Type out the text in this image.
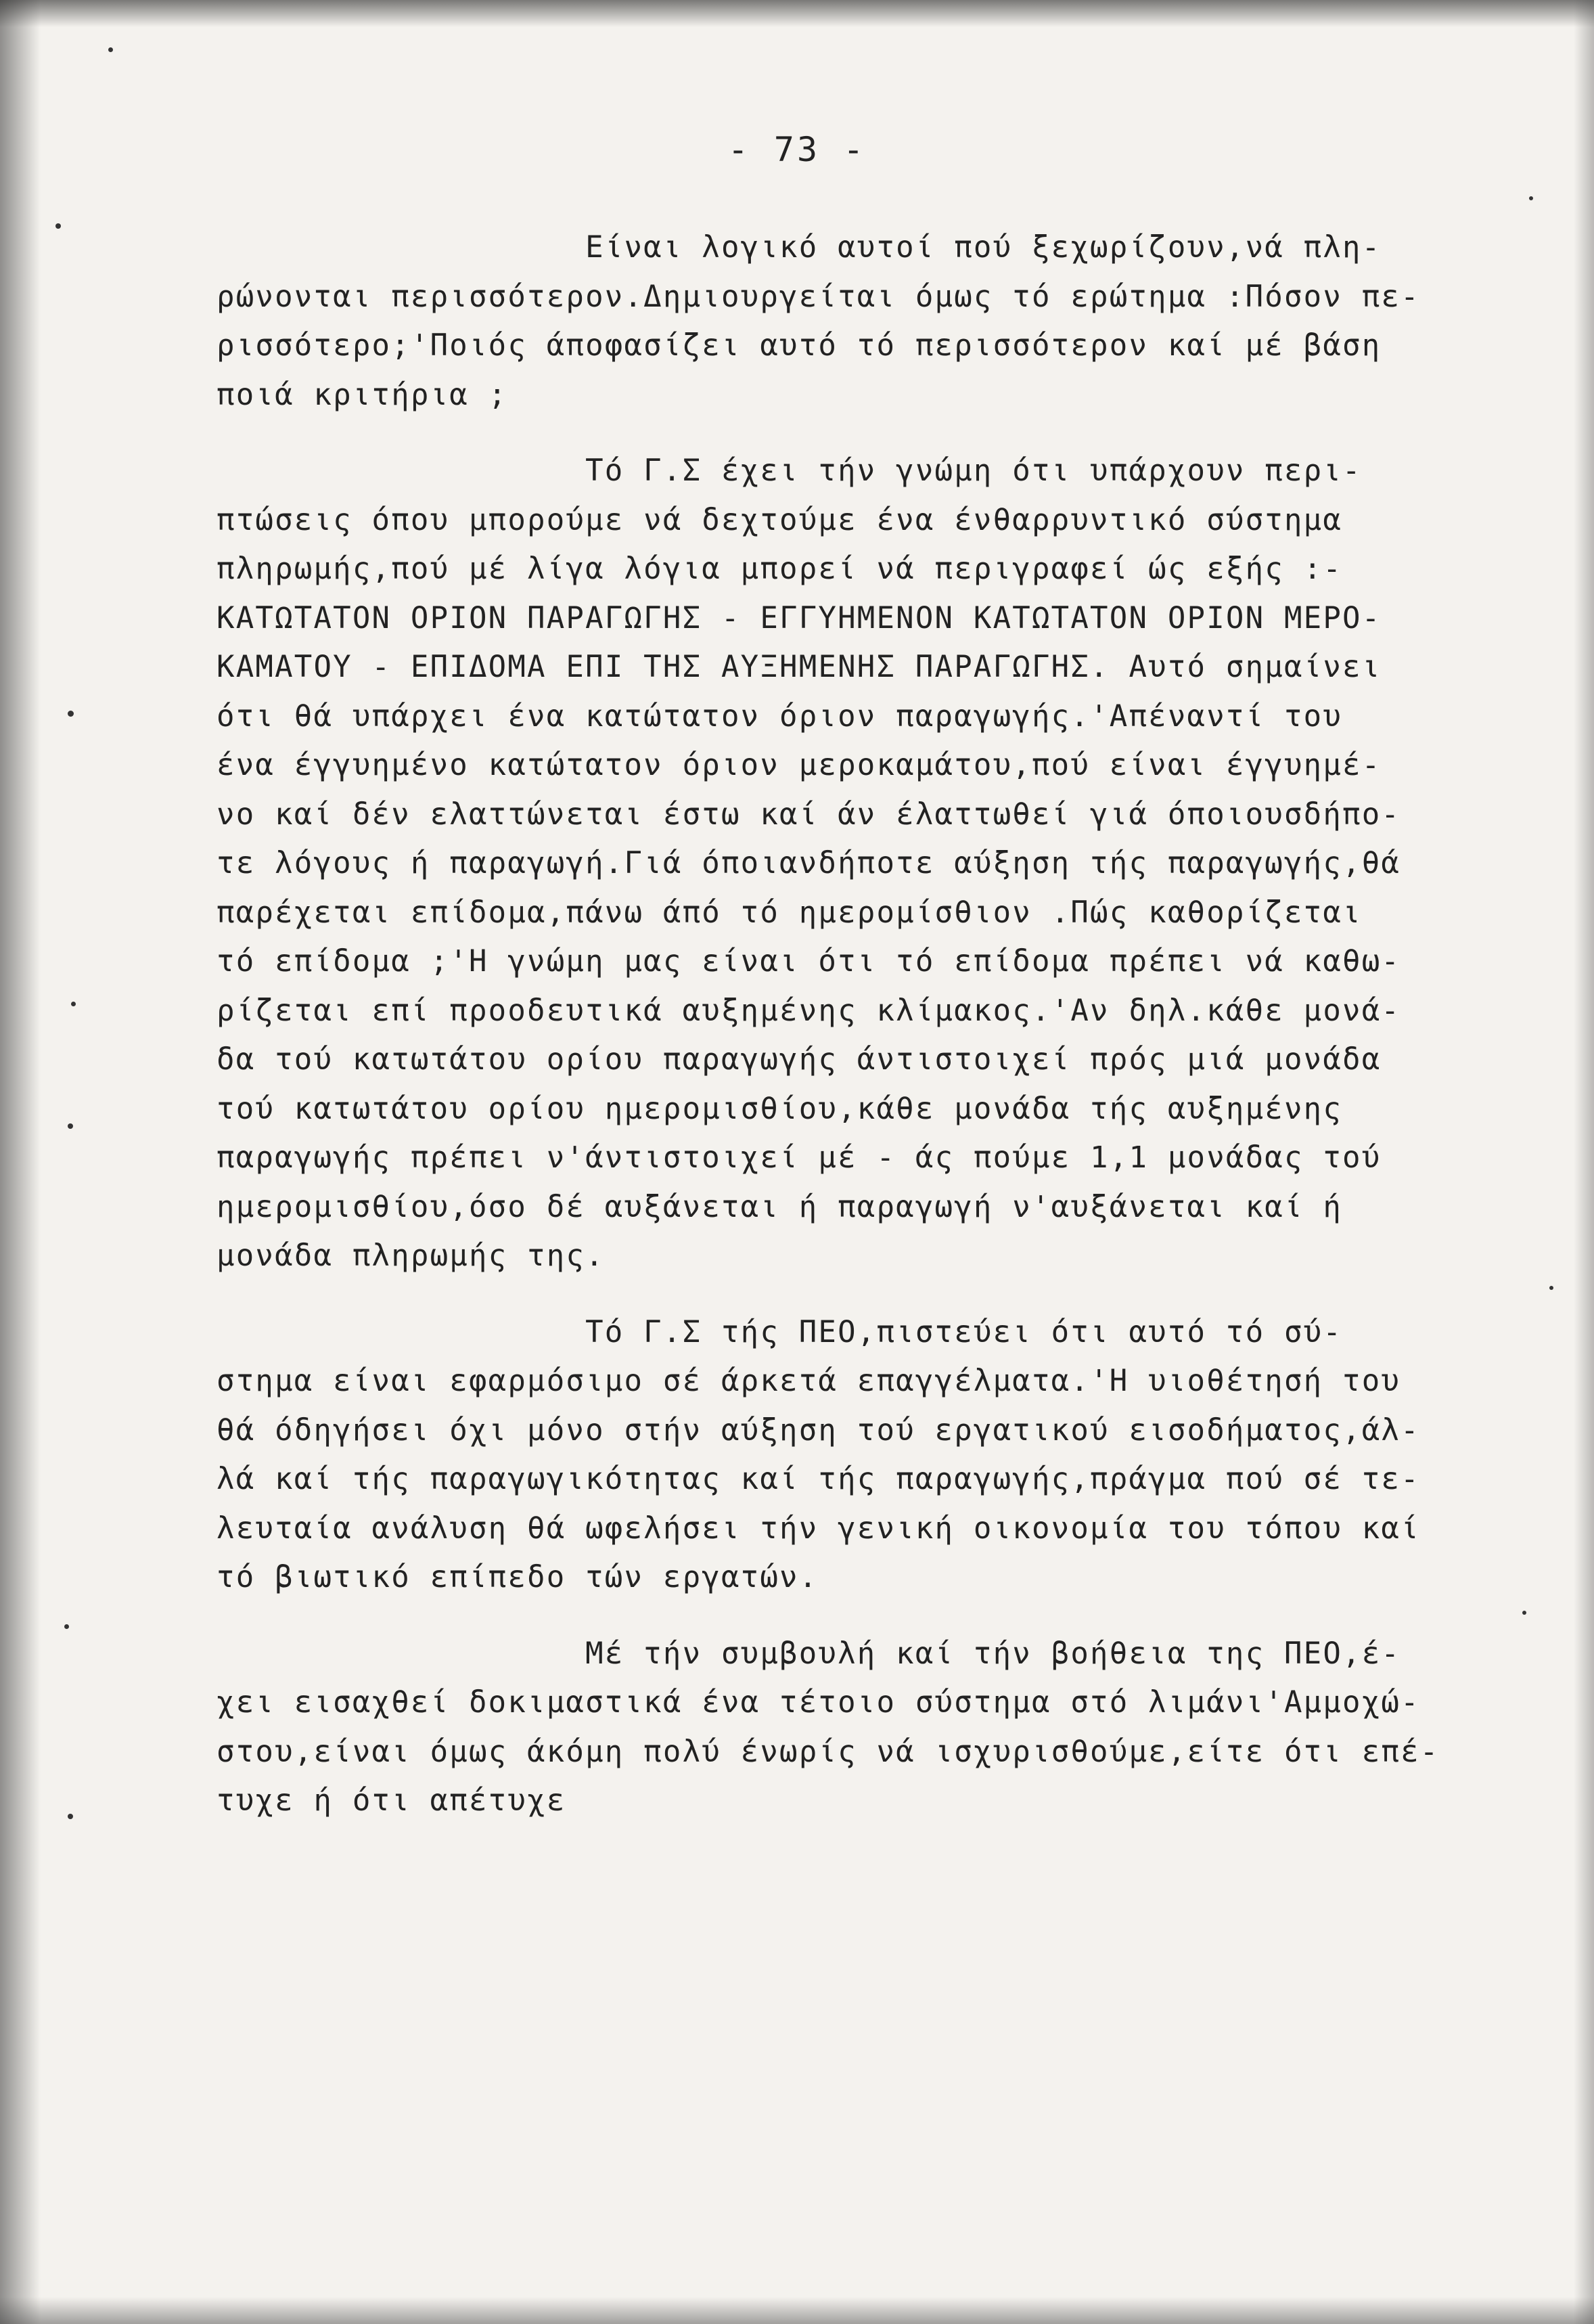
- 73 -
Είναι λογικό αυτοί πού ξεχωρίζουν,νά πλη-
ρώνονται περισσότερον.Δημιουργείται όμως τό ερώτημα :Πόσον πε-
ρισσότερο;'Ποιός άποφασίζει αυτό τό περισσότερον καί μέ βάση
ποιά κριτήρια ;
Τό Γ.Σ έχει τήν γνώμη ότι υπάρχουν περι-
πτώσεις όπου μπορούμε νά δεχτούμε ένα ένθαρρυντικό σύστημα
πληρωμής,πού μέ λίγα λόγια μπορεί νά περιγραφεί ώς εξής :-
ΚΑΤΩΤΑΤΟΝ ΟΡΙΟΝ ΠΑΡΑΓΩΓΗΣ - ΕΓΓΥΗΜΕΝΟΝ ΚΑΤΩΤΑΤΟΝ ΟΡΙΟΝ ΜΕΡΟ-
ΚΑΜΑΤΟΥ - ΕΠΙΔΟΜΑ ΕΠΙ ΤΗΣ ΑΥΞΗΜΕΝΗΣ ΠΑΡΑΓΩΓΗΣ. Αυτό σημαίνει
ότι θά υπάρχει ένα κατώτατον όριον παραγωγής.'Απέναντί του
ένα έγγυημένο κατώτατον όριον μεροκαμάτου,πού είναι έγγυημέ-
νο καί δέν ελαττώνεται έστω καί άν έλαττωθεί γιά όποιουσδήπο-
τε λόγους ή παραγωγή.Γιά όποιανδήποτε αύξηση τής παραγωγής,θά
παρέχεται επίδομα,πάνω άπό τό ημερομίσθιον .Πώς καθορίζεται
τό επίδομα ;'Η γνώμη μας είναι ότι τό επίδομα πρέπει νά καθω-
ρίζεται επί προοδευτικά αυξημένης κλίμακος.'Αν δηλ.κάθε μονά-
δα τού κατωτάτου ορίου παραγωγής άντιστοιχεί πρός μιά μονάδα
τού κατωτάτου ορίου ημερομισθίου,κάθε μονάδα τής αυξημένης
παραγωγής πρέπει ν'άντιστοιχεί μέ - άς πούμε 1,1 μονάδας τού
ημερομισθίου,όσο δέ αυξάνεται ή παραγωγή ν'αυξάνεται καί ή
μονάδα πληρωμής της.
Τό Γ.Σ τής ΠΕΟ,πιστεύει ότι αυτό τό σύ-
στημα είναι εφαρμόσιμο σέ άρκετά επαγγέλματα.'Η υιοθέτησή του
θά όδηγήσει όχι μόνο στήν αύξηση τού εργατικού εισοδήματος,άλ-
λά καί τής παραγωγικότητας καί τής παραγωγής,πράγμα πού σέ τε-
λευταία ανάλυση θά ωφελήσει τήν γενική οικονομία του τόπου καί
τό βιωτικό επίπεδο τών εργατών.
Μέ τήν συμβουλή καί τήν βοήθεια της ΠΕΟ,έ-
χει εισαχθεί δοκιμαστικά ένα τέτοιο σύστημα στό λιμάνι'Αμμοχώ-
στου,είναι όμως άκόμη πολύ ένωρίς νά ισχυρισθούμε,είτε ότι επέ-
τυχε ή ότι απέτυχε
